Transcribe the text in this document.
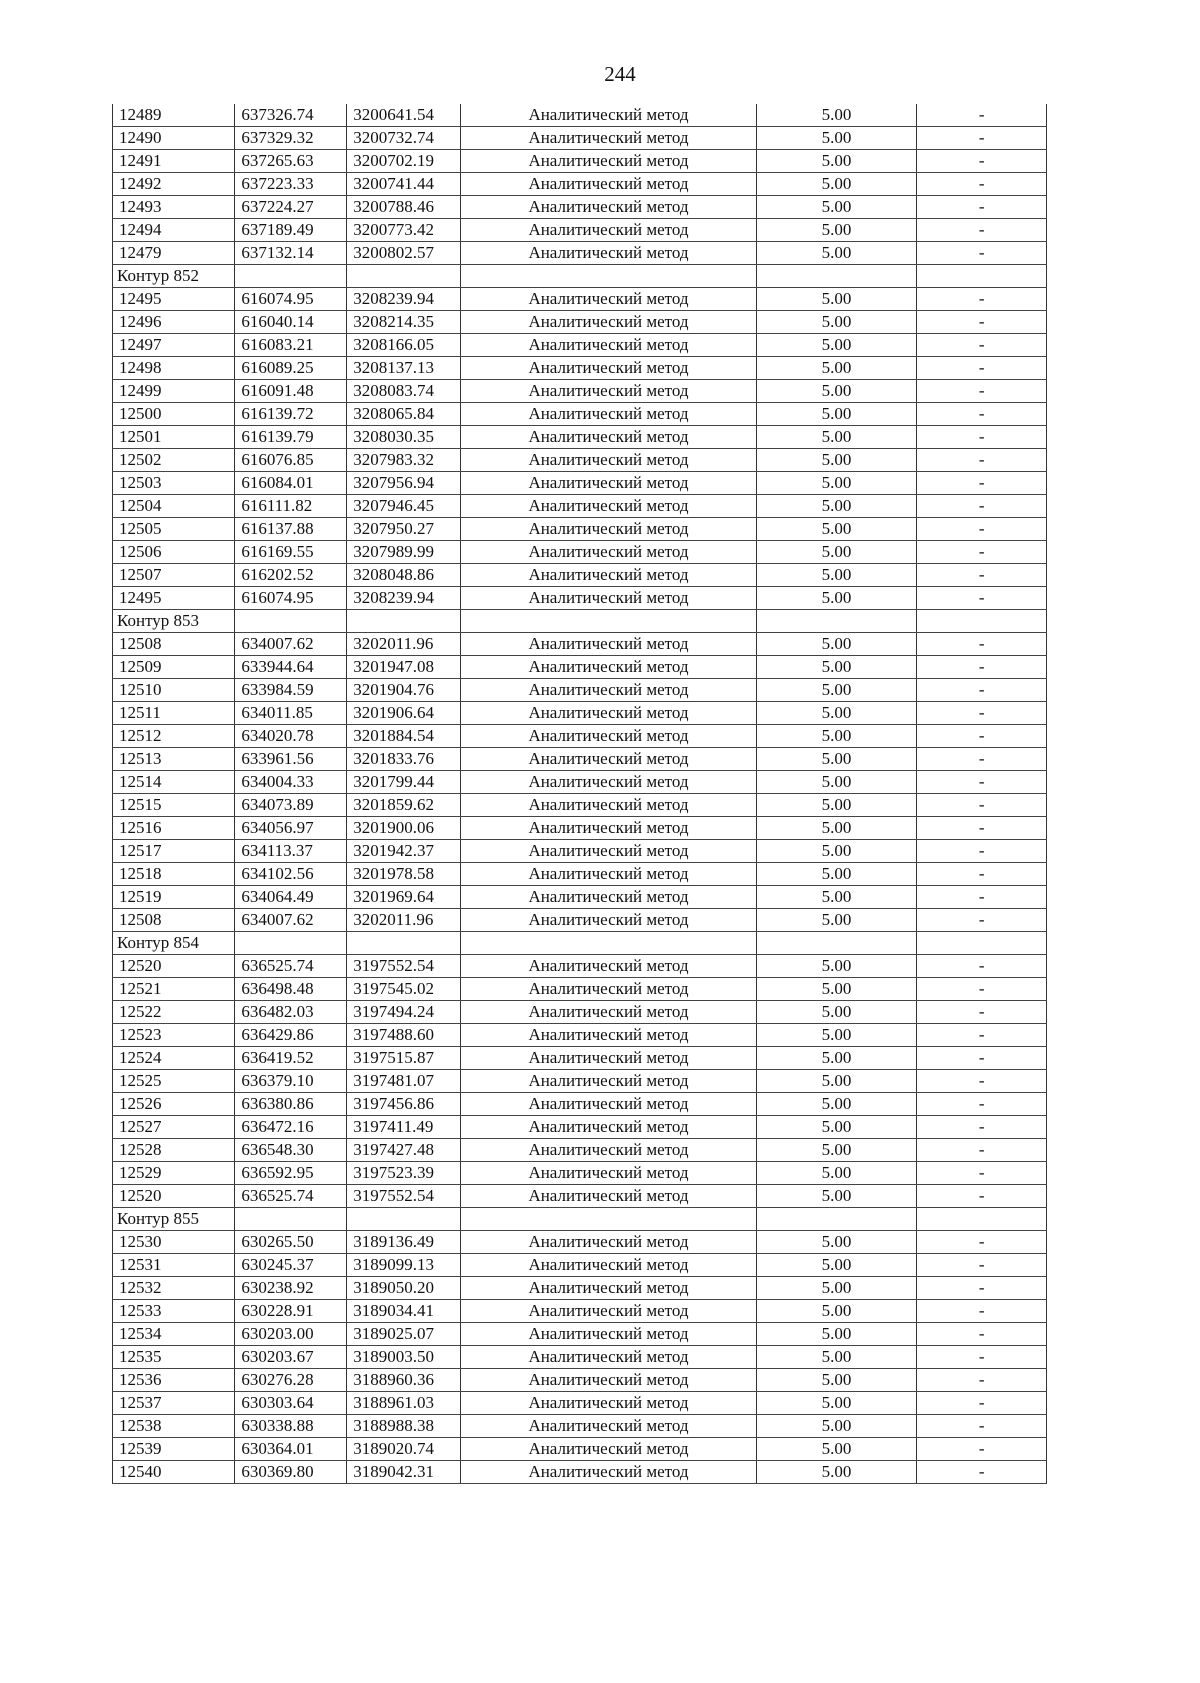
244
12489	637326.74	3200641.54	Аналитический метод	5.00	-
12490	637329.32	3200732.74	Аналитический метод	5.00	-
12491	637265.63	3200702.19	Аналитический метод	5.00	-
12492	637223.33	3200741.44	Аналитический метод	5.00	-
12493	637224.27	3200788.46	Аналитический метод	5.00	-
12494	637189.49	3200773.42	Аналитический метод	5.00	-
12479	637132.14	3200802.57	Аналитический метод	5.00	-
Контур 852					
12495	616074.95	3208239.94	Аналитический метод	5.00	-
12496	616040.14	3208214.35	Аналитический метод	5.00	-
12497	616083.21	3208166.05	Аналитический метод	5.00	-
12498	616089.25	3208137.13	Аналитический метод	5.00	-
12499	616091.48	3208083.74	Аналитический метод	5.00	-
12500	616139.72	3208065.84	Аналитический метод	5.00	-
12501	616139.79	3208030.35	Аналитический метод	5.00	-
12502	616076.85	3207983.32	Аналитический метод	5.00	-
12503	616084.01	3207956.94	Аналитический метод	5.00	-
12504	616111.82	3207946.45	Аналитический метод	5.00	-
12505	616137.88	3207950.27	Аналитический метод	5.00	-
12506	616169.55	3207989.99	Аналитический метод	5.00	-
12507	616202.52	3208048.86	Аналитический метод	5.00	-
12495	616074.95	3208239.94	Аналитический метод	5.00	-
Контур 853					
12508	634007.62	3202011.96	Аналитический метод	5.00	-
12509	633944.64	3201947.08	Аналитический метод	5.00	-
12510	633984.59	3201904.76	Аналитический метод	5.00	-
12511	634011.85	3201906.64	Аналитический метод	5.00	-
12512	634020.78	3201884.54	Аналитический метод	5.00	-
12513	633961.56	3201833.76	Аналитический метод	5.00	-
12514	634004.33	3201799.44	Аналитический метод	5.00	-
12515	634073.89	3201859.62	Аналитический метод	5.00	-
12516	634056.97	3201900.06	Аналитический метод	5.00	-
12517	634113.37	3201942.37	Аналитический метод	5.00	-
12518	634102.56	3201978.58	Аналитический метод	5.00	-
12519	634064.49	3201969.64	Аналитический метод	5.00	-
12508	634007.62	3202011.96	Аналитический метод	5.00	-
Контур 854					
12520	636525.74	3197552.54	Аналитический метод	5.00	-
12521	636498.48	3197545.02	Аналитический метод	5.00	-
12522	636482.03	3197494.24	Аналитический метод	5.00	-
12523	636429.86	3197488.60	Аналитический метод	5.00	-
12524	636419.52	3197515.87	Аналитический метод	5.00	-
12525	636379.10	3197481.07	Аналитический метод	5.00	-
12526	636380.86	3197456.86	Аналитический метод	5.00	-
12527	636472.16	3197411.49	Аналитический метод	5.00	-
12528	636548.30	3197427.48	Аналитический метод	5.00	-
12529	636592.95	3197523.39	Аналитический метод	5.00	-
12520	636525.74	3197552.54	Аналитический метод	5.00	-
Контур 855					
12530	630265.50	3189136.49	Аналитический метод	5.00	-
12531	630245.37	3189099.13	Аналитический метод	5.00	-
12532	630238.92	3189050.20	Аналитический метод	5.00	-
12533	630228.91	3189034.41	Аналитический метод	5.00	-
12534	630203.00	3189025.07	Аналитический метод	5.00	-
12535	630203.67	3189003.50	Аналитический метод	5.00	-
12536	630276.28	3188960.36	Аналитический метод	5.00	-
12537	630303.64	3188961.03	Аналитический метод	5.00	-
12538	630338.88	3188988.38	Аналитический метод	5.00	-
12539	630364.01	3189020.74	Аналитический метод	5.00	-
12540	630369.80	3189042.31	Аналитический метод	5.00	-
